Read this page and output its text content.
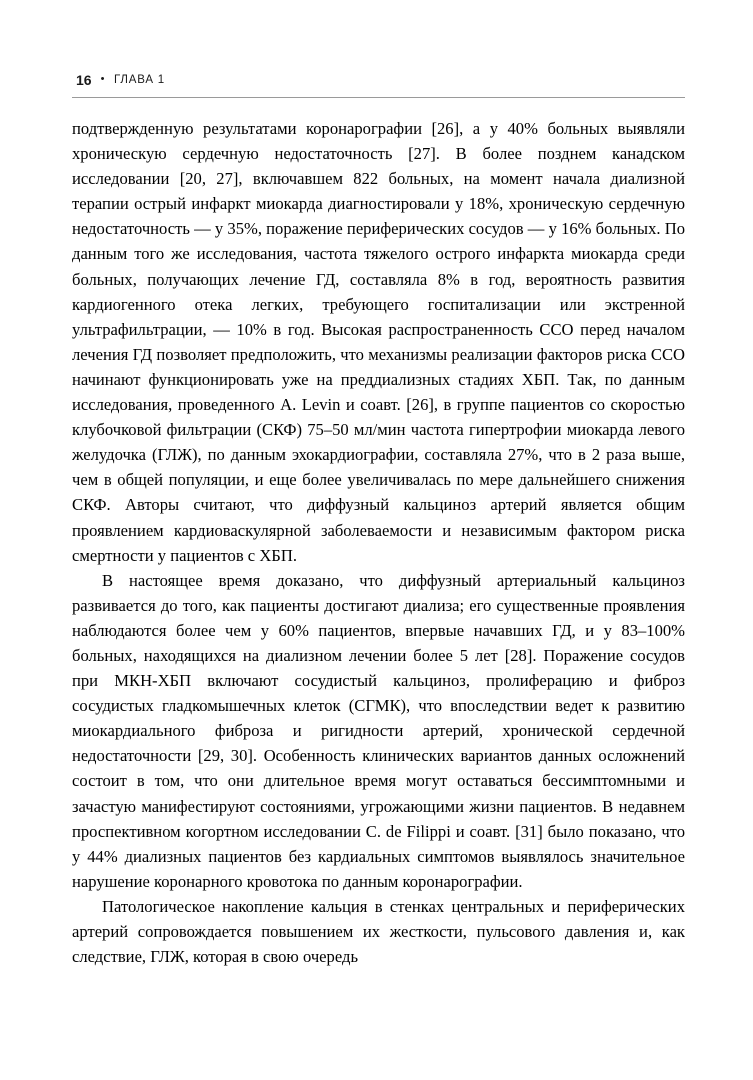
16 • ГЛАВА 1

подтвержденную результатами коронарографии [26], а у 40% больных выявляли хроническую сердечную недостаточность [27]. В более позднем канадском исследовании [20, 27], включавшем 822 больных, на момент начала диализной терапии острый инфаркт миокарда диагностировали у 18%, хроническую сердечную недостаточность — у 35%, поражение периферических сосудов — у 16% больных. По данным того же исследования, частота тяжелого острого инфаркта миокарда среди больных, получающих лечение ГД, составляла 8% в год, вероятность развития кардиогенного отека легких, требующего госпитализации или экстренной ультрафильтрации, — 10% в год. Высокая распространенность ССО перед началом лечения ГД позволяет предположить, что механизмы реализации факторов риска ССО начинают функционировать уже на преддиализных стадиях ХБП. Так, по данным исследования, проведенного A. Levin и соавт. [26], в группе пациентов со скоростью клубочковой фильтрации (СКФ) 75–50 мл/мин частота гипертрофии миокарда левого желудочка (ГЛЖ), по данным эхокардиографии, составляла 27%, что в 2 раза выше, чем в общей популяции, и еще более увеличивалась по мере дальнейшего снижения СКФ. Авторы считают, что диффузный кальциноз артерий является общим проявлением кардиоваскулярной заболеваемости и независимым фактором риска смертности у пациентов с ХБП.

В настоящее время доказано, что диффузный артериальный кальциноз развивается до того, как пациенты достигают диализа; его существенные проявления наблюдаются более чем у 60% пациентов, впервые начавших ГД, и у 83–100% больных, находящихся на диализном лечении более 5 лет [28]. Поражение сосудов при МКН-ХБП включают сосудистый кальциноз, пролиферацию и фиброз сосудистых гладкомышечных клеток (СГМК), что впоследствии ведет к развитию миокардиального фиброза и ригидности артерий, хронической сердечной недостаточности [29, 30]. Особенность клинических вариантов данных осложнений состоит в том, что они длительное время могут оставаться бессимптомными и зачастую манифестируют состояниями, угрожающими жизни пациентов. В недавнем проспективном когортном исследовании C. de Filippi и соавт. [31] было показано, что у 44% диализных пациентов без кардиальных симптомов выявлялось значительное нарушение коронарного кровотока по данным коронарографии.

Патологическое накопление кальция в стенках центральных и периферических артерий сопровождается повышением их жесткости, пульсового давления и, как следствие, ГЛЖ, которая в свою очередь
